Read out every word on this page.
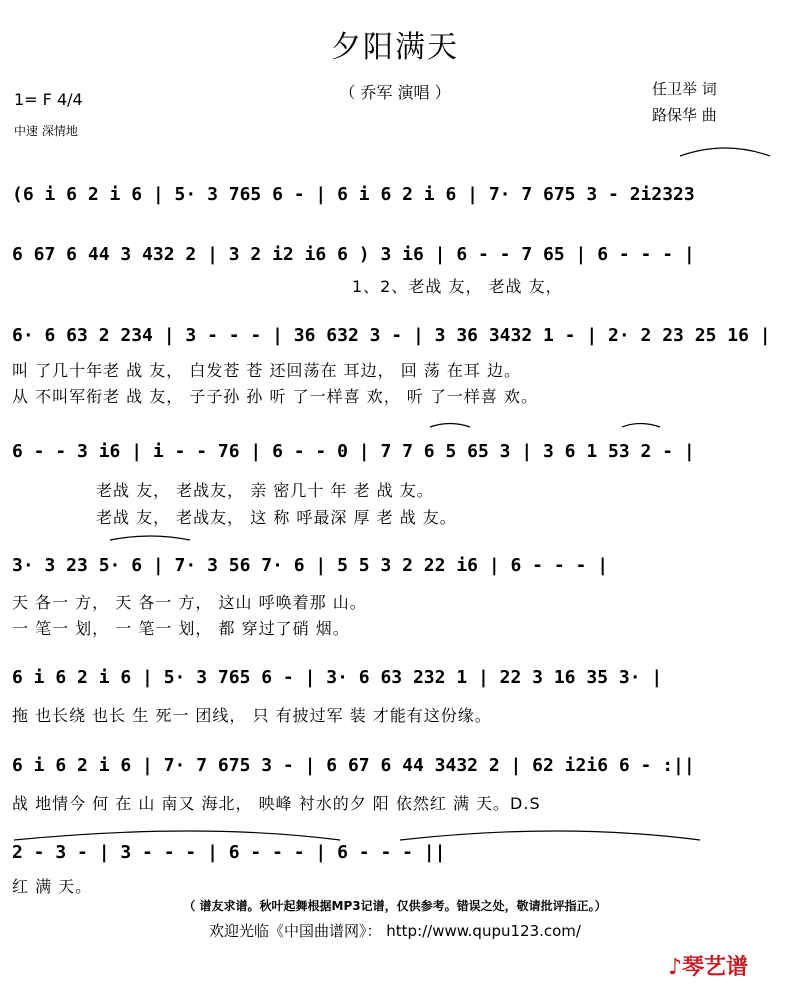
夕阳满天
（ 乔军 演唱 ）
1= F 4/4
中速 深情地
任卫举 词
路保华 曲
(6 i 6 2 i 6 | 5· 3 765 6 - | 6 i 6 2 i 6 | 7· 7 675 3 - 2i2323
6 67 6 44 3 432 2 | 3 2 i2 i6 6 ) 3 i6 | 6 - - 7 65 | 6 - - - |
1、2、老战 友， 老战 友，
6· 6 63 2 234 | 3 - - - | 36 632 3 - | 3 36 3432 1 - | 2· 2 23 25 16 |
叫 了几十年老 战 友， 白发苍 苍 还回荡在 耳边， 回 荡 在耳 边。
从 不叫军衔老 战 友， 子子孙 孙 听 了一样喜 欢， 听 了一样喜 欢。
6 - - 3 i6 | i - - 76 | 6 - - 0 | 7 7 6 5 65 3 | 3 6 1 53 2 - |
老战 友， 老战友， 亲 密几十 年 老 战 友。
老战 友， 老战友， 这 称 呼最深 厚 老 战 友。
3· 3 23 5· 6 | 7· 3 56 7· 6 | 5 5 3 2 22 i6 | 6 - - - |
天 各一 方， 天 各一 方， 这山 呼唤着那 山。
一 笔一 划， 一 笔一 划， 都 穿过了硝 烟。
6 i 6 2 i 6 | 5· 3 765 6 - | 3· 6 63 232 1 | 22 3 16 35 3· |
拖 也长绕 也长 生 死一 团线， 只 有披过军 装 才能有这份缘。
6 i 6 2 i 6 | 7· 7 675 3 - | 6 67 6 44 3432 2 | 62 i2i6 6 - :||
战 地情今 何 在 山 南又 海北， 映峰 衬水的夕 阳 依然红 满 天。D.S
2 - 3 - | 3 - - - | 6 - - - | 6 - - - ||
红 满 天。
（ 谱友求谱。秋叶起舞根据MP3记谱，仅供参考。错误之处，敬请批评指正。）
欢迎光临《中国曲谱网》： http://www.qupu123.com/
♪琴艺谱
